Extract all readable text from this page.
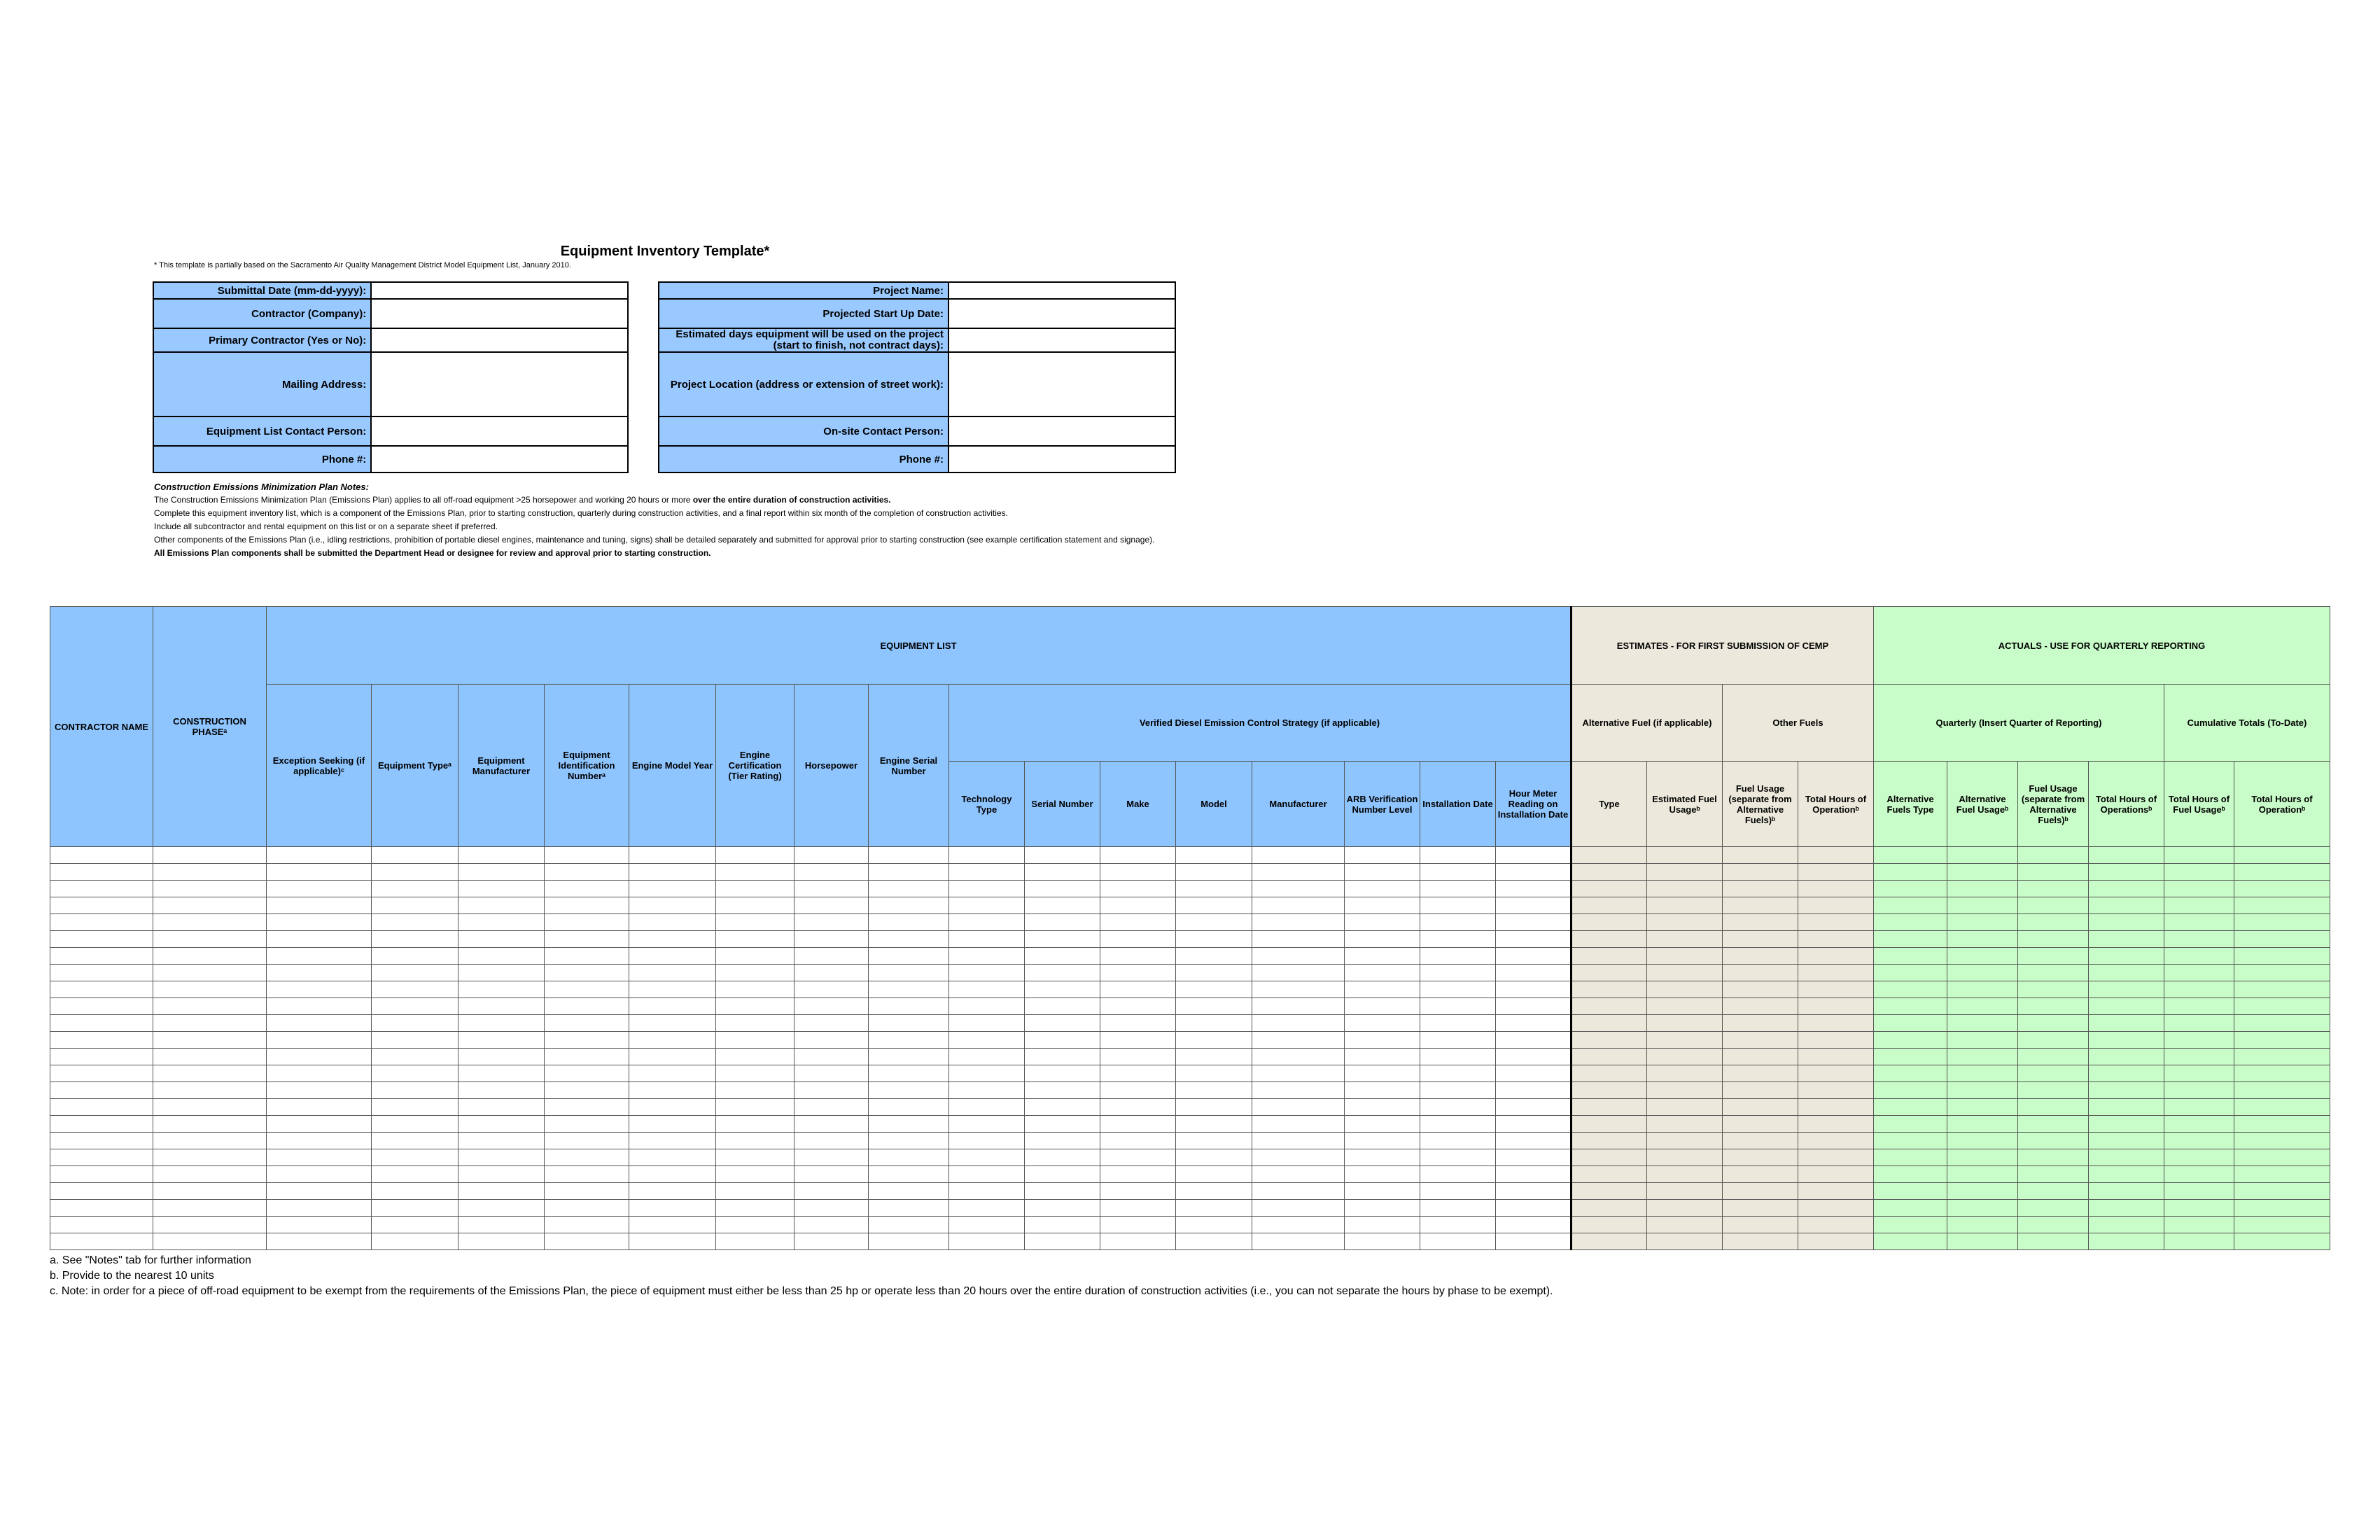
Equipment Inventory Template*
* This template is partially based on the Sacramento Air Quality Management District Model Equipment List, January 2010.
Submittal Date (mm-dd-yyyy):	
Contractor (Company):	
Primary Contractor (Yes or No):	
Mailing Address:	
Equipment List Contact Person:	
Phone #:	
Project Name:	
Projected Start Up Date:	
Estimated days equipment will be used on the project
(start to finish, not contract days):	
Project Location (address or extension of street work):	
On-site Contact Person:	
Phone #:	
Construction Emissions Minimization Plan Notes:
The Construction Emissions Minimization Plan (Emissions Plan) applies to all off-road equipment >25 horsepower and working 20 hours or more over the entire duration of construction activities.
Complete this equipment inventory list, which is a component of the Emissions Plan, prior to starting construction, quarterly during construction activities, and a final report within six month of the completion of construction activities.
Include all subcontractor and rental equipment on this list or on a separate sheet if preferred.
Other components of the Emissions Plan (i.e., idling restrictions, prohibition of portable diesel engines, maintenance and tuning, signs) shall be detailed separately and submitted for approval prior to starting construction (see example certification statement and signage).
All Emissions Plan components shall be submitted the Department Head or designee for review and approval prior to starting construction.
CONTRACTOR NAME	CONSTRUCTION PHASEᵃ	EQUIPMENT LIST																ESTIMATES - FOR FIRST SUBMISSION OF CEMP				ACTUALS - USE FOR QUARTERLY REPORTING					
		Exception Seeking (if applicable)ᶜ	Equipment Typeᵃ	Equipment Manufacturer	Equipment Identification Numberᵃ	Engine Model Year	Engine Certification (Tier Rating)	Horsepower	Engine Serial Number	Verified Diesel Emission Control Strategy (if applicable)								Alternative Fuel (if applicable)		Other Fuels		Quarterly (Insert Quarter of Reporting)				Cumulative Totals (To-Date)	
										Technology Type	Serial Number	Make	Model	Manufacturer	ARB Verification Number Level	Installation Date	Hour Meter Reading on Installation Date	Type	Estimated Fuel Usageᵇ	Fuel Usage (separate from Alternative Fuels)ᵇ	Total Hours of Operationᵇ	Alternative Fuels Type	Alternative Fuel Usageᵇ	Fuel Usage (separate from Alternative Fuels)ᵇ	Total Hours of Operationsᵇ	Total Hours of Fuel Usageᵇ	Total Hours of Operationᵇ

a. See "Notes" tab for further information
b. Provide to the nearest 10 units
c. Note: in order for a piece of off-road equipment to be exempt from the requirements of the Emissions Plan, the piece of equipment must either be less than 25 hp or operate less than 20 hours over the entire duration of construction activities (i.e., you can not separate the hours by phase to be exempt).
